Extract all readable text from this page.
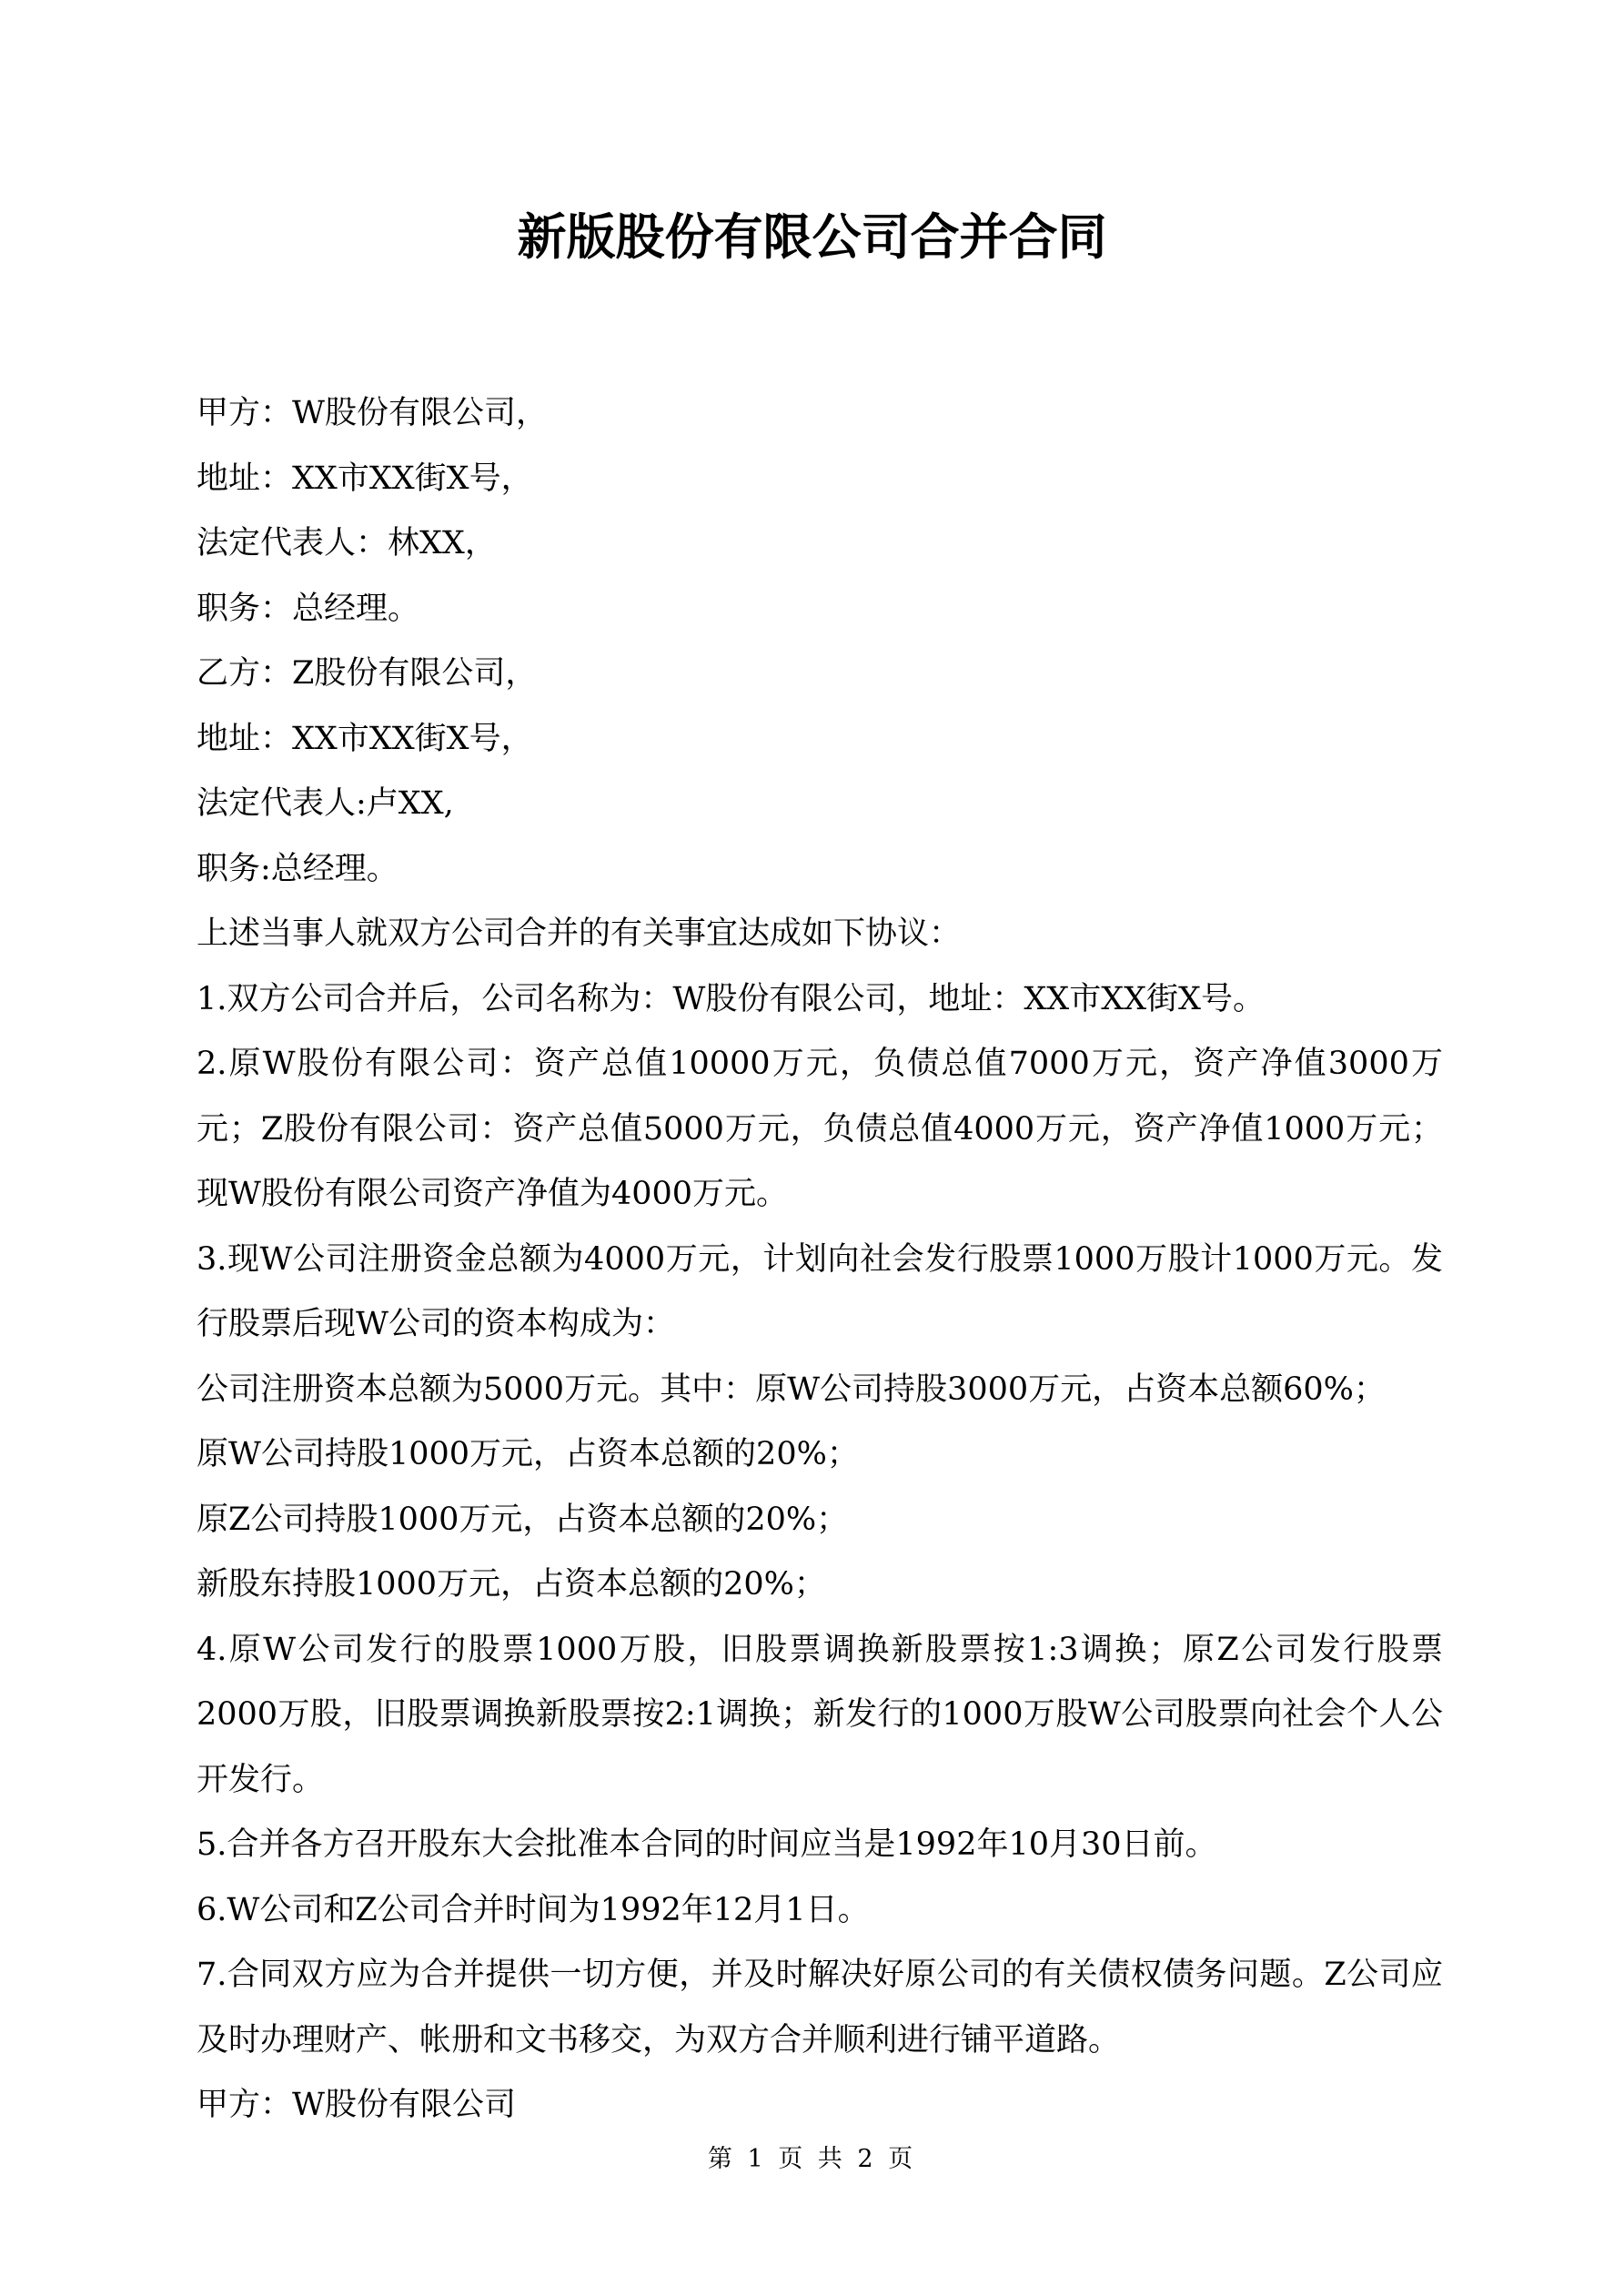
新版股份有限公司合并合同

甲方：W股份有限公司，

地址：XX市XX街X号，

法定代表人：林XX，

职务：总经理。

乙方：Z股份有限公司，

地址：XX市XX街X号，

法定代表人:卢XX,

职务:总经理。

上述当事人就双方公司合并的有关事宜达成如下协议：

1.双方公司合并后，公司名称为：W股份有限公司，地址：XX市XX街X号。

2.原W股份有限公司：资产总值10000万元，负债总值7000万元，资产净值3000万元；Z股份有限公司：资产总值5000万元，负债总值4000万元，资产净值1000万元；现W股份有限公司资产净值为4000万元。

3.现W公司注册资金总额为4000万元，计划向社会发行股票1000万股计1000万元。发行股票后现W公司的资本构成为：

公司注册资本总额为5000万元。其中：原W公司持股3000万元，占资本总额60%；

原W公司持股1000万元，占资本总额的20%；

原Z公司持股1000万元，占资本总额的20%；

新股东持股1000万元，占资本总额的20%；

4.原W公司发行的股票1000万股，旧股票调换新股票按1:3调换；原Z公司发行股票2000万股，旧股票调换新股票按2:1调换；新发行的1000万股W公司股票向社会个人公开发行。

5.合并各方召开股东大会批准本合同的时间应当是1992年10月30日前。

6.W公司和Z公司合并时间为1992年12月1日。

7.合同双方应为合并提供一切方便，并及时解决好原公司的有关债权债务问题。Z公司应及时办理财产、帐册和文书移交，为双方合并顺利进行铺平道路。

甲方：W股份有限公司

第 1 页 共 2 页
